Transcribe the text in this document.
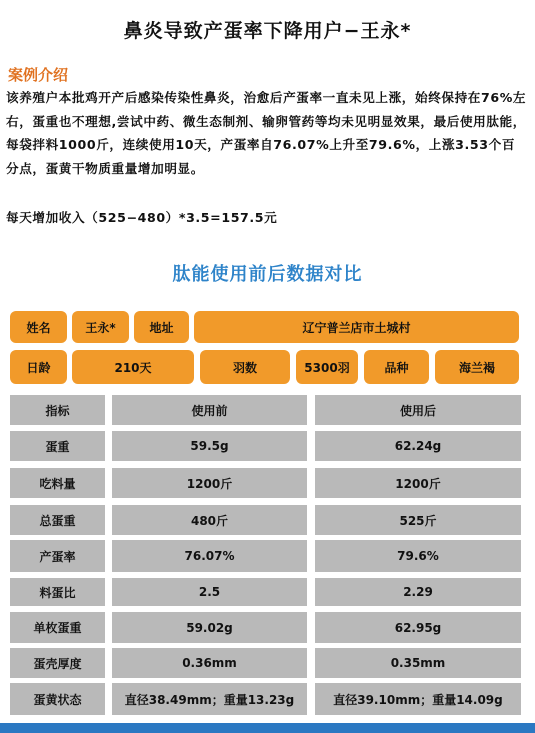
鼻炎导致产蛋率下降用户−王永*
案例介绍
该养殖户本批鸡开产后感染传染性鼻炎，治愈后产蛋率一直未见上涨，始终保持在76%左右，蛋重也不理想,尝试中药、微生态制剂、输卵管药等均未见明显效果，最后使用肽能，每袋拌料1000斤，连续使用10天，产蛋率自76.07%上升至79.6%，上涨3.53个百分点，蛋黄干物质重量增加明显。
每天增加收入（525−480）*3.5=157.5元
肽能使用前后数据对比
姓名	王永*	地址	辽宁普兰店市土城村
日龄	210天	羽数	5300羽	品种	海兰褐
指标	使用前	使用后
蛋重	59.5g	62.24g
吃料量	1200斤	1200斤
总蛋重	480斤	525斤
产蛋率	76.07%	79.6%
料蛋比	2.5	2.29
单枚蛋重	59.02g	62.95g
蛋壳厚度	0.36mm	0.35mm
蛋黄状态	直径38.49mm；重量13.23g	直径39.10mm；重量14.09g
